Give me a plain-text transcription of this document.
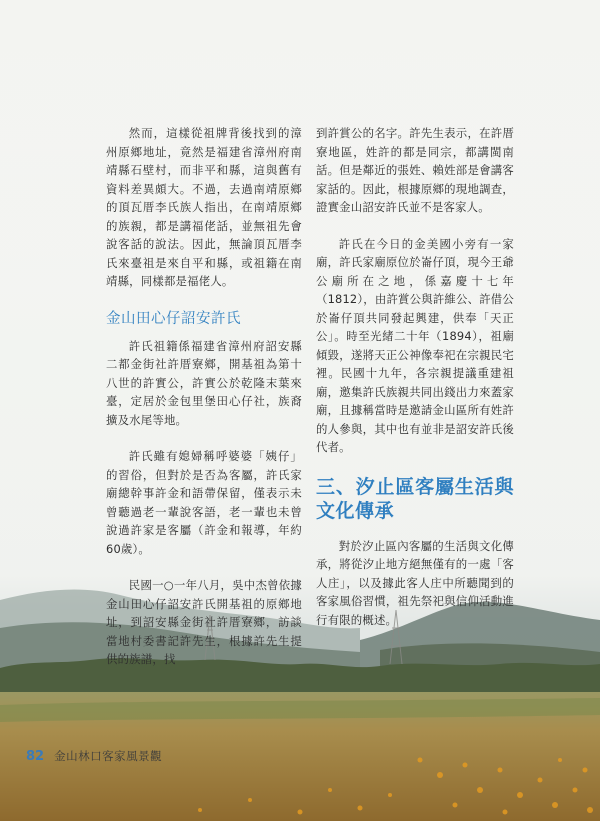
然而，這樣從祖牌背後找到的漳州原鄉地址，竟然是福建省漳州府南靖縣石壁村，而非平和縣，這與舊有資料差異頗大。不過，去過南靖原鄉的頂瓦厝李氏族人指出，在南靖原鄉的族親，都是講福佬話，並無祖先會說客話的說法。因此，無論頂瓦厝李氏來臺祖是來自平和縣，或祖籍在南靖縣，同樣都是福佬人。

金山田心仔詔安許氏

許氏祖籍係福建省漳州府詔安縣二都金街社許厝寮鄉，開基祖為第十八世的許實公，許實公於乾隆末葉來臺，定居於金包里堡田心仔社，族裔擴及水尾等地。

許氏雖有媳婦稱呼婆婆「姨仔」的習俗，但對於是否為客屬，許氏家廟總幹事許金和語帶保留，僅表示未曾聽過老一輩說客語，老一輩也未曾說過許家是客屬（許金和報導，年約60歲）。

民國一○一年八月，吳中杰曾依據金山田心仔詔安許氏開基祖的原鄉地址，到詔安縣金街社許厝寮鄉，訪談當地村委書記許先生，根據許先生提供的族譜，找

到許賞公的名字。許先生表示，在許厝寮地區，姓許的都是同宗，都講閩南話。但是鄰近的張姓、賴姓部是會講客家話的。因此，根據原鄉的現地調查，證實金山詔安許氏並不是客家人。

許氏在今日的金美國小旁有一家廟，許氏家廟原位於崙仔頂，現今王爺公廟所在之地，係嘉慶十七年（1812），由許賞公與許維公、許借公於崙仔頂共同發起興建，供奉「天正公」。時至光緒二十年（1894），祖廟傾毀，遂將天正公神像奉祀在宗親民宅裡。民國十九年，各宗親提議重建祖廟，邀集許氏族親共同出錢出力來蓋家廟，且據稱當時是邀請金山區所有姓許的人參與，其中也有並非是詔安許氏後代者。

三、汐止區客屬生活與文化傳承

對於汐止區內客屬的生活與文化傳承，將從汐止地方絕無僅有的一處「客人庄」，以及據此客人庄中所聽聞到的客家風俗習慣，祖先祭祀與信仰活動進行有限的概述。

82 金山林口客家風景觀
